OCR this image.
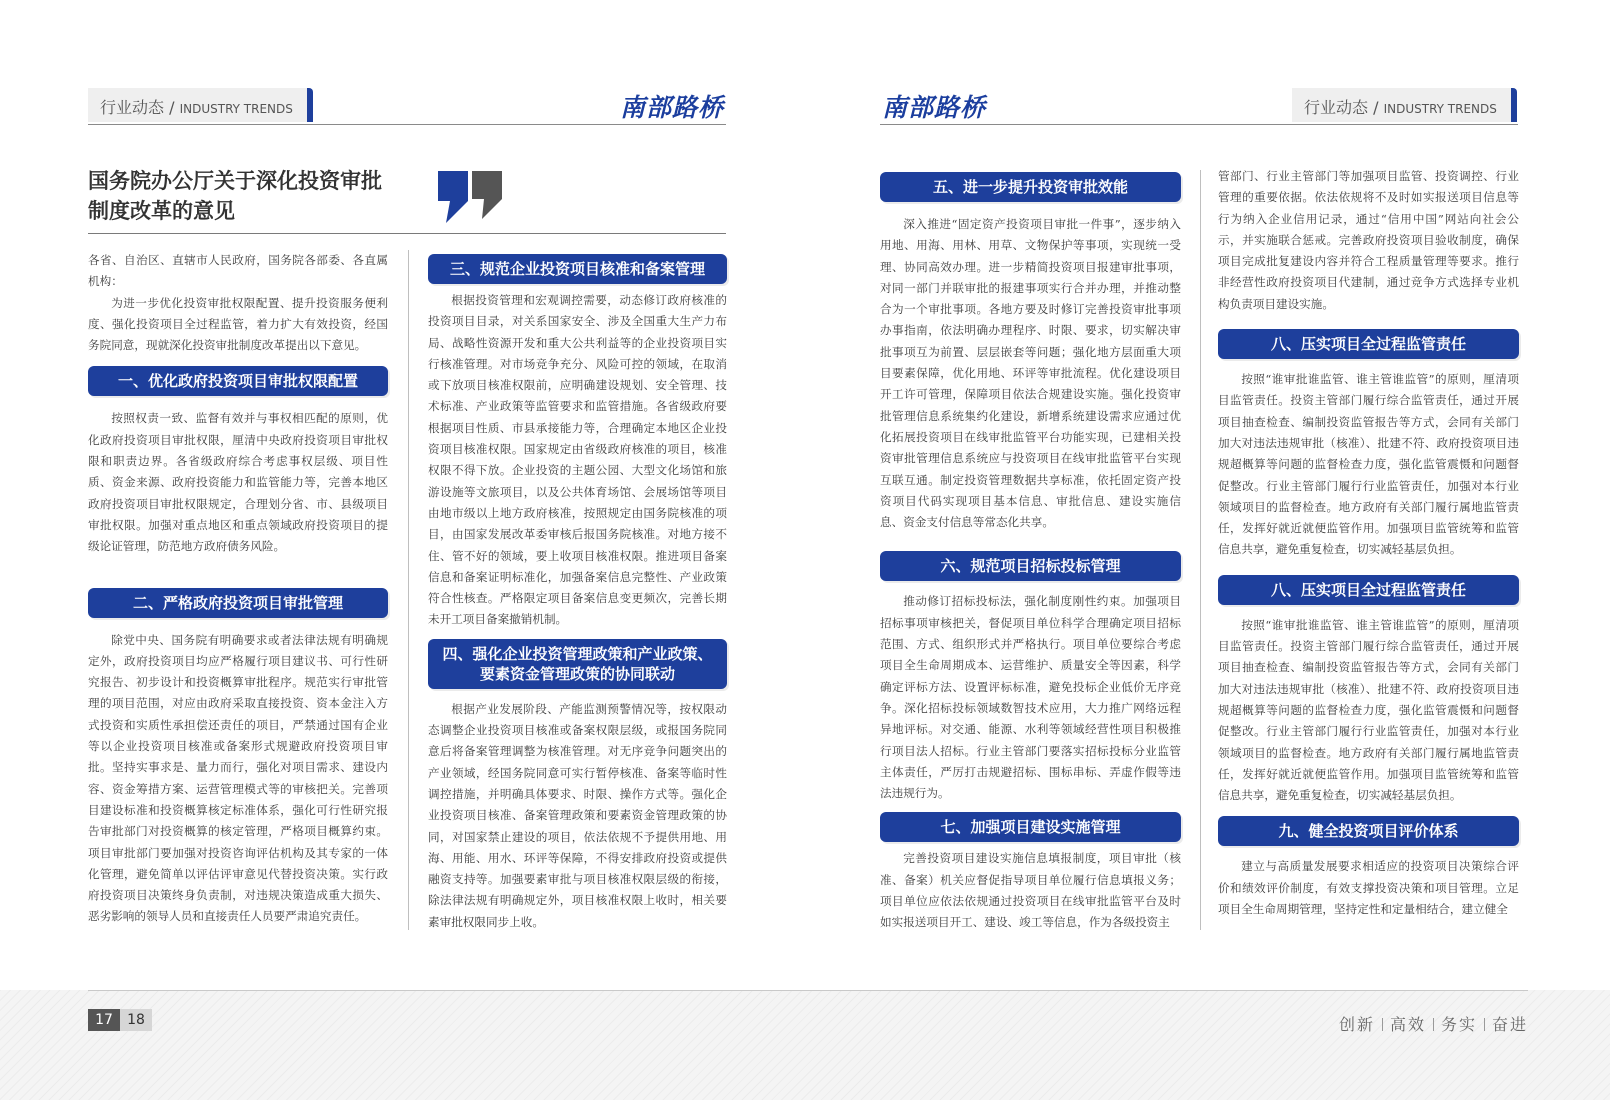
行业动态 / INDUSTRY TRENDS	南部路桥	南部路桥	行业动态 / INDUSTRY TRENDS
国务院办公厅关于深化投资审批
制度改革的意见

各省、自治区、直辖市人民政府，国务院各部委、各直属机构：

为进一步优化投资审批权限配置、提升投资服务便利度、强化投资项目全过程监管，着力扩大有效投资，经国务院同意，现就深化投资审批制度改革提出以下意见。

一、优化政府投资项目审批权限配置

按照权责一致、监督有效并与事权相匹配的原则，优化政府投资项目审批权限，厘清中央政府投资项目审批权限和职责边界。各省级政府综合考虑事权层级、项目性质、资金来源、政府投资能力和监管能力等，完善本地区政府投资项目审批权限规定，合理划分省、市、县级项目审批权限。加强对重点地区和重点领域政府投资项目的提级论证管理，防范地方政府债务风险。

二、严格政府投资项目审批管理

除党中央、国务院有明确要求或者法律法规有明确规定外，政府投资项目均应严格履行项目建议书、可行性研究报告、初步设计和投资概算审批程序。规范实行审批管理的项目范围，对应由政府采取直接投资、资本金注入方式投资和实质性承担偿还责任的项目，严禁通过国有企业等以企业投资项目核准或备案形式规避政府投资项目审批。坚持实事求是、量力而行，强化对项目需求、建设内容、资金筹措方案、运营管理模式等的审核把关。完善项目建设标准和投资概算核定标准体系，强化可行性研究报告审批部门对投资概算的核定管理，严格项目概算约束。项目审批部门要加强对投资咨询评估机构及其专家的一体化管理，避免简单以评估评审意见代替投资决策。实行政府投资项目决策终身负责制，对违规决策造成重大损失、恶劣影响的领导人员和直接责任人员要严肃追究责任。

三、规范企业投资项目核准和备案管理

根据投资管理和宏观调控需要，动态修订政府核准的投资项目目录，对关系国家安全、涉及全国重大生产力布局、战略性资源开发和重大公共利益等的企业投资项目实行核准管理。对市场竞争充分、风险可控的领域，在取消或下放项目核准权限前，应明确建设规划、安全管理、技术标准、产业政策等监管要求和监管措施。各省级政府要根据项目性质、市县承接能力等，合理确定本地区企业投资项目核准权限。国家规定由省级政府核准的项目，核准权限不得下放。企业投资的主题公园、大型文化场馆和旅游设施等文旅项目，以及公共体育场馆、会展场馆等项目由地市级以上地方政府核准，按照规定由国务院核准的项目，由国家发展改革委审核后报国务院核准。对地方接不住、管不好的领域，要上收项目核准权限。推进项目备案信息和备案证明标准化，加强备案信息完整性、产业政策符合性核查。严格限定项目备案信息变更频次，完善长期未开工项目备案撤销机制。

四、强化企业投资管理政策和产业政策、
要素资金管理政策的协同联动

根据产业发展阶段、产能监测预警情况等，按权限动态调整企业投资项目核准或备案权限层级，或报国务院同意后将备案管理调整为核准管理。对无序竞争问题突出的产业领域，经国务院同意可实行暂停核准、备案等临时性调控措施，并明确具体要求、时限、操作方式等。强化企业投资项目核准、备案管理政策和要素资金管理政策的协同，对国家禁止建设的项目，依法依规不予提供用地、用海、用能、用水、环评等保障，不得安排政府投资或提供融资支持等。加强要素审批与项目核准权限层级的衔接，除法律法规有明确规定外，项目核准权限上收时，相关要素审批权限同步上收。

五、进一步提升投资审批效能

深入推进“固定资产投资项目审批一件事”，逐步纳入用地、用海、用林、用草、文物保护等事项，实现统一受理、协同高效办理。进一步精简投资项目报建审批事项，对同一部门并联审批的报建事项实行合并办理，并推动整合为一个审批事项。各地方要及时修订完善投资审批事项办事指南，依法明确办理程序、时限、要求，切实解决审批事项互为前置、层层嵌套等问题；强化地方层面重大项目要素保障，优化用地、环评等审批流程。优化建设项目开工许可管理，保障项目依法合规建设实施。强化投资审批管理信息系统集约化建设，新增系统建设需求应通过优化拓展投资项目在线审批监管平台功能实现，已建相关投资审批管理信息系统应与投资项目在线审批监管平台实现互联互通。制定投资管理数据共享标准，依托固定资产投资项目代码实现项目基本信息、审批信息、建设实施信息、资金支付信息等常态化共享。

六、规范项目招标投标管理

推动修订招标投标法，强化制度刚性约束。加强项目招标事项审核把关，督促项目单位科学合理确定项目招标范围、方式、组织形式并严格执行。项目单位要综合考虑项目全生命周期成本、运营维护、质量安全等因素，科学确定评标方法、设置评标标准，避免投标企业低价无序竞争。深化招标投标领域数智技术应用，大力推广网络远程异地评标。对交通、能源、水利等领域经营性项目积极推行项目法人招标。行业主管部门要落实招标投标分业监管主体责任，严厉打击规避招标、围标串标、弄虚作假等违法违规行为。

七、加强项目建设实施管理

完善投资项目建设实施信息填报制度，项目审批（核准、备案）机关应督促指导项目单位履行信息填报义务；项目单位应依法依规通过投资项目在线审批监管平台及时如实报送项目开工、建设、竣工等信息，作为各级投资主

管部门、行业主管部门等加强项目监管、投资调控、行业管理的重要依据。依法依规将不及时如实报送项目信息等行为纳入企业信用记录，通过“信用中国”网站向社会公示，并实施联合惩戒。完善政府投资项目验收制度，确保项目完成批复建设内容并符合工程质量管理等要求。推行非经营性政府投资项目代建制，通过竞争方式选择专业机构负责项目建设实施。

八、压实项目全过程监管责任

按照“谁审批谁监管、谁主管谁监管”的原则，厘清项目监管责任。投资主管部门履行综合监管责任，通过开展项目抽查检查、编制投资监管报告等方式，会同有关部门加大对违法违规审批（核准）、批建不符、政府投资项目违规超概算等问题的监督检查力度，强化监管震慑和问题督促整改。行业主管部门履行行业监管责任，加强对本行业领域项目的监督检查。地方政府有关部门履行属地监管责任，发挥好就近就便监管作用。加强项目监管统筹和监管信息共享，避免重复检查，切实减轻基层负担。

八、压实项目全过程监管责任

按照“谁审批谁监管、谁主管谁监管”的原则，厘清项目监管责任。投资主管部门履行综合监管责任，通过开展项目抽查检查、编制投资监管报告等方式，会同有关部门加大对违法违规审批（核准）、批建不符、政府投资项目违规超概算等问题的监督检查力度，强化监管震慑和问题督促整改。行业主管部门履行行业监管责任，加强对本行业领域项目的监督检查。地方政府有关部门履行属地监管责任，发挥好就近就便监管作用。加强项目监管统筹和监管信息共享，避免重复检查，切实减轻基层负担。

九、健全投资项目评价体系

建立与高质量发展要求相适应的投资项目决策综合评价和绩效评价制度，有效支撑投资决策和项目管理。立足项目全生命周期管理，坚持定性和定量相结合，建立健全

17	18	创新 高效 务实 奋进
